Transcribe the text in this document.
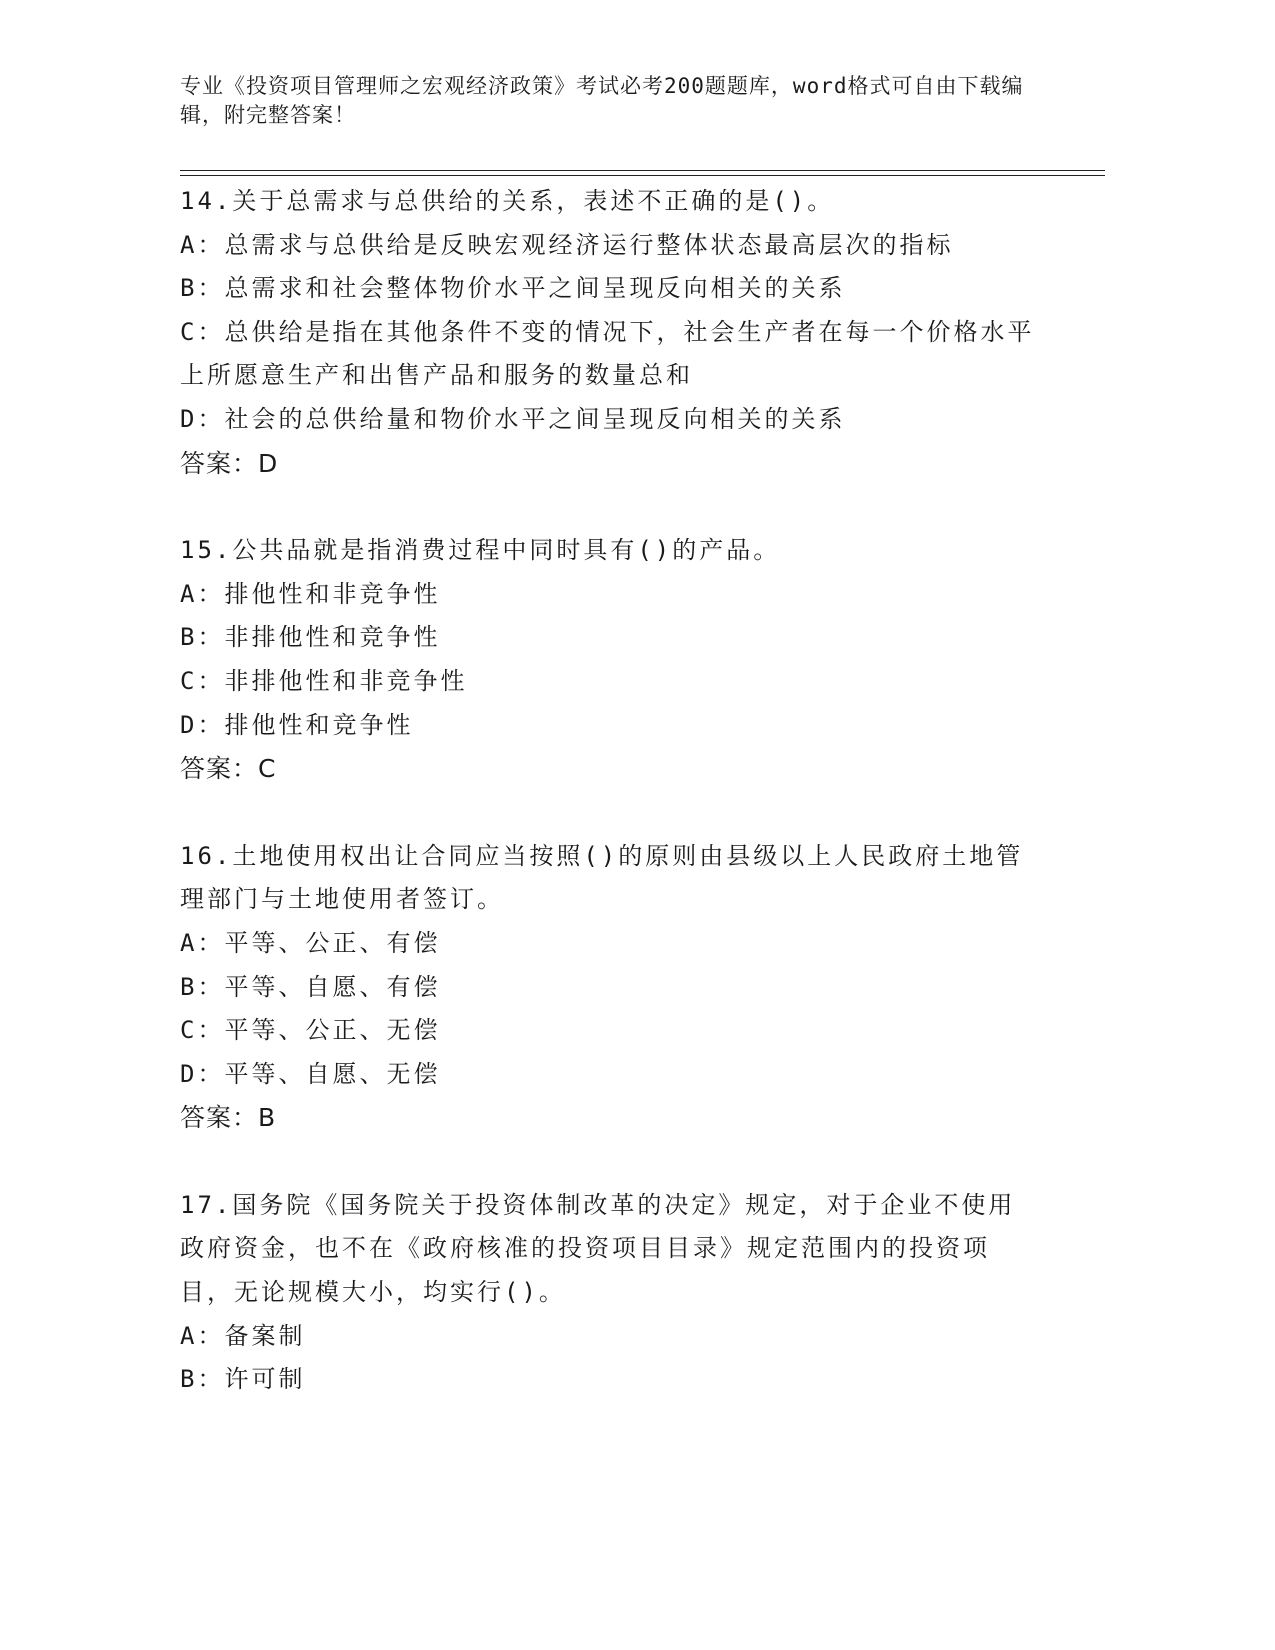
专业《投资项目管理师之宏观经济政策》考试必考200题题库，word格式可自由下载编辑，附完整答案！

14.关于总需求与总供给的关系，表述不正确的是()。

A：总需求与总供给是反映宏观经济运行整体状态最高层次的指标

B：总需求和社会整体物价水平之间呈现反向相关的关系

C：总供给是指在其他条件不变的情况下，社会生产者在每一个价格水平上所愿意生产和出售产品和服务的数量总和

D：社会的总供给量和物价水平之间呈现反向相关的关系

答案：D

15.公共品就是指消费过程中同时具有()的产品。

A：排他性和非竞争性

B：非排他性和竞争性

C：非排他性和非竞争性

D：排他性和竞争性

答案：C

16.土地使用权出让合同应当按照()的原则由县级以上人民政府土地管理部门与土地使用者签订。

A：平等、公正、有偿

B：平等、自愿、有偿

C：平等、公正、无偿

D：平等、自愿、无偿

答案：B

17.国务院《国务院关于投资体制改革的决定》规定，对于企业不使用政府资金，也不在《政府核准的投资项目目录》规定范围内的投资项目，无论规模大小，均实行()。

A：备案制

B：许可制
